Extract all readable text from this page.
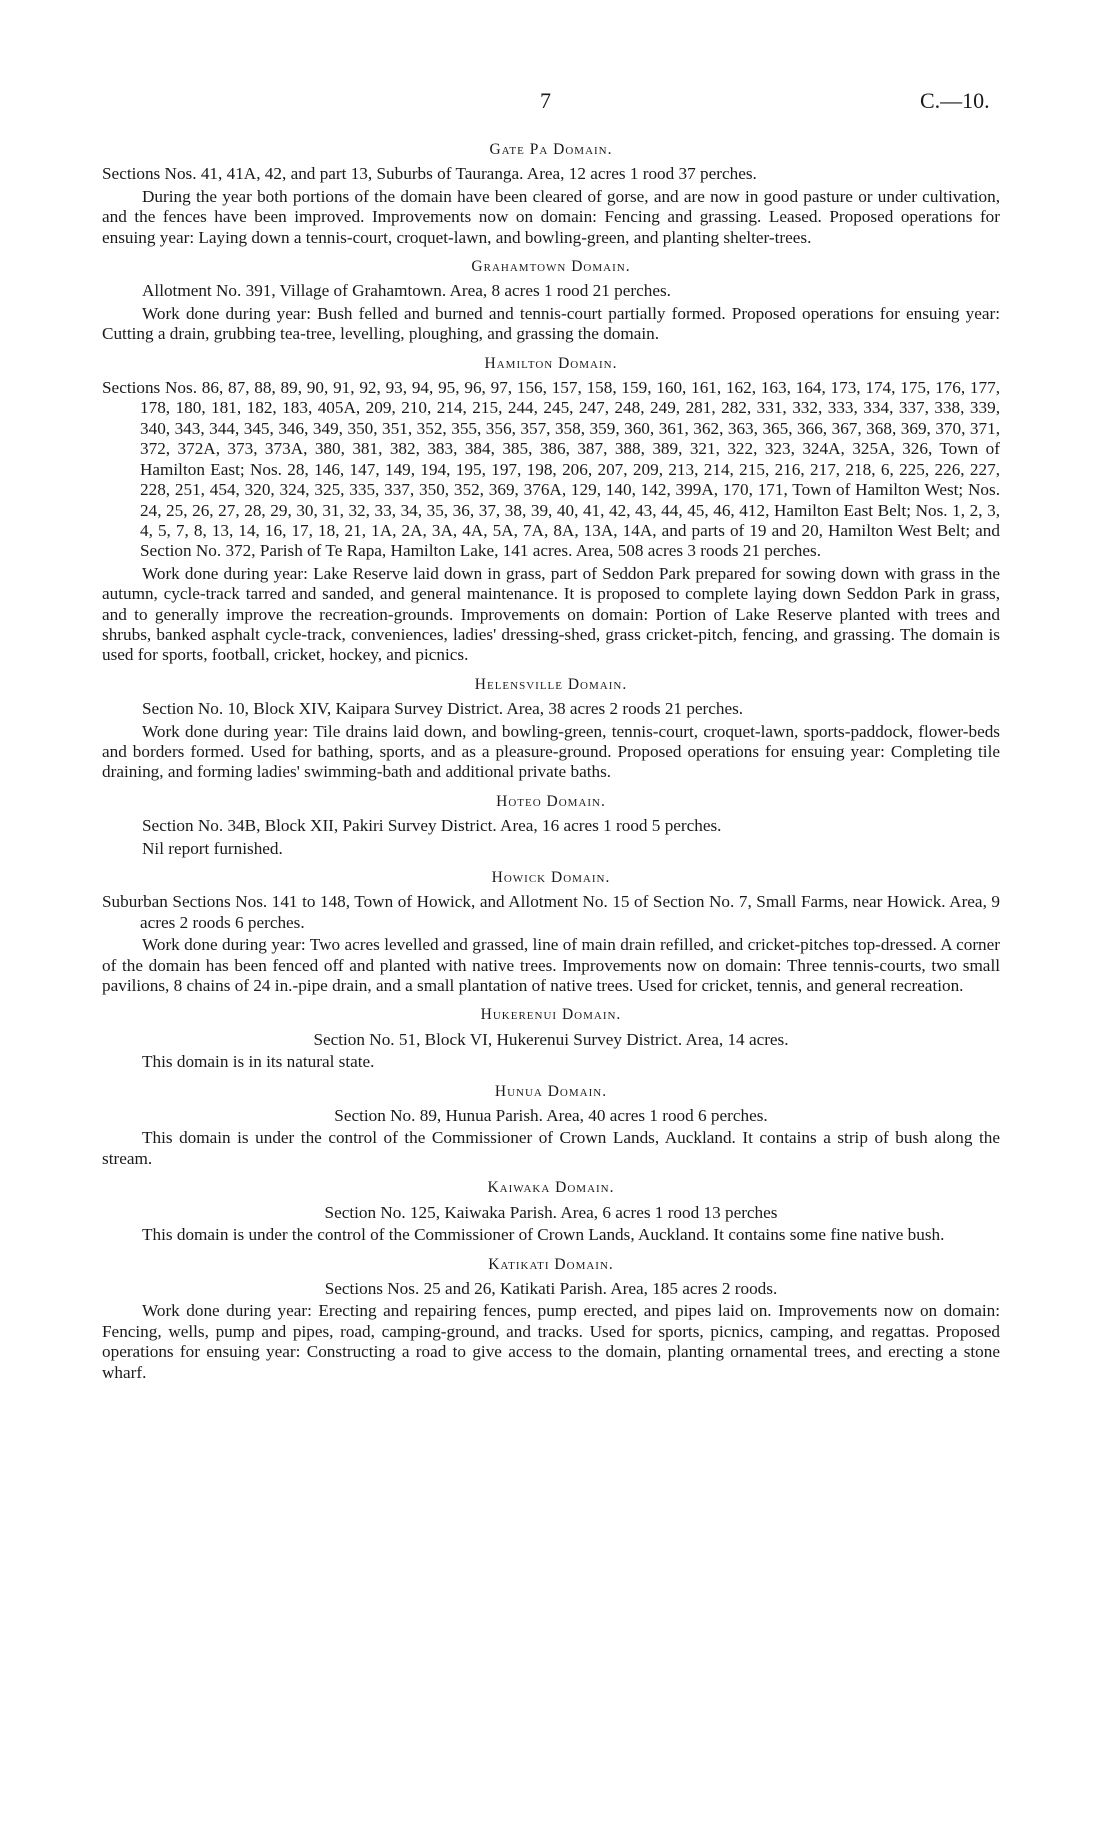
7	C.—10.
Gate Pa Domain.

Sections Nos. 41, 41A, 42, and part 13, Suburbs of Tauranga. Area, 12 acres 1 rood 37 perches.

During the year both portions of the domain have been cleared of gorse, and are now in good pasture or under cultivation, and the fences have been improved. Improvements now on domain: Fencing and grassing. Leased. Proposed operations for ensuing year: Laying down a tennis-court, croquet-lawn, and bowling-green, and planting shelter-trees.

Grahamtown Domain.

Allotment No. 391, Village of Grahamtown. Area, 8 acres 1 rood 21 perches.

Work done during year: Bush felled and burned and tennis-court partially formed. Proposed operations for ensuing year: Cutting a drain, grubbing tea-tree, levelling, ploughing, and grassing the domain.

Hamilton Domain.

Sections Nos. 86, 87, 88, 89, 90, 91, 92, 93, 94, 95, 96, 97, 156, 157, 158, 159, 160, 161, 162, 163, 164, 173, 174, 175, 176, 177, 178, 180, 181, 182, 183, 405A, 209, 210, 214, 215, 244, 245, 247, 248, 249, 281, 282, 331, 332, 333, 334, 337, 338, 339, 340, 343, 344, 345, 346, 349, 350, 351, 352, 355, 356, 357, 358, 359, 360, 361, 362, 363, 365, 366, 367, 368, 369, 370, 371, 372, 372A, 373, 373A, 380, 381, 382, 383, 384, 385, 386, 387, 388, 389, 321, 322, 323, 324A, 325A, 326, Town of Hamilton East; Nos. 28, 146, 147, 149, 194, 195, 197, 198, 206, 207, 209, 213, 214, 215, 216, 217, 218, 6, 225, 226, 227, 228, 251, 454, 320, 324, 325, 335, 337, 350, 352, 369, 376A, 129, 140, 142, 399A, 170, 171, Town of Hamilton West; Nos. 24, 25, 26, 27, 28, 29, 30, 31, 32, 33, 34, 35, 36, 37, 38, 39, 40, 41, 42, 43, 44, 45, 46, 412, Hamilton East Belt; Nos. 1, 2, 3, 4, 5, 7, 8, 13, 14, 16, 17, 18, 21, 1A, 2A, 3A, 4A, 5A, 7A, 8A, 13A, 14A, and parts of 19 and 20, Hamilton West Belt; and Section No. 372, Parish of Te Rapa, Hamilton Lake, 141 acres. Area, 508 acres 3 roods 21 perches.

Work done during year: Lake Reserve laid down in grass, part of Seddon Park prepared for sowing down with grass in the autumn, cycle-track tarred and sanded, and general maintenance. It is proposed to complete laying down Seddon Park in grass, and to generally improve the recreation-grounds. Improvements on domain: Portion of Lake Reserve planted with trees and shrubs, banked asphalt cycle-track, conveniences, ladies' dressing-shed, grass cricket-pitch, fencing, and grassing. The domain is used for sports, football, cricket, hockey, and picnics.

Helensville Domain.

Section No. 10, Block XIV, Kaipara Survey District. Area, 38 acres 2 roods 21 perches.

Work done during year: Tile drains laid down, and bowling-green, tennis-court, croquet-lawn, sports-paddock, flower-beds and borders formed. Used for bathing, sports, and as a pleasure-ground. Proposed operations for ensuing year: Completing tile draining, and forming ladies' swimming-bath and additional private baths.

Hoteo Domain.

Section No. 34B, Block XII, Pakiri Survey District. Area, 16 acres 1 rood 5 perches.

Nil report furnished.

Howick Domain.

Suburban Sections Nos. 141 to 148, Town of Howick, and Allotment No. 15 of Section No. 7, Small Farms, near Howick. Area, 9 acres 2 roods 6 perches.

Work done during year: Two acres levelled and grassed, line of main drain refilled, and cricket-pitches top-dressed. A corner of the domain has been fenced off and planted with native trees. Improvements now on domain: Three tennis-courts, two small pavilions, 8 chains of 24 in.-pipe drain, and a small plantation of native trees. Used for cricket, tennis, and general recreation.

Hukerenui Domain.

Section No. 51, Block VI, Hukerenui Survey District. Area, 14 acres.

This domain is in its natural state.

Hunua Domain.

Section No. 89, Hunua Parish. Area, 40 acres 1 rood 6 perches.

This domain is under the control of the Commissioner of Crown Lands, Auckland. It contains a strip of bush along the stream.

Kaiwaka Domain.

Section No. 125, Kaiwaka Parish. Area, 6 acres 1 rood 13 perches

This domain is under the control of the Commissioner of Crown Lands, Auckland. It contains some fine native bush.

Katikati Domain.

Sections Nos. 25 and 26, Katikati Parish. Area, 185 acres 2 roods.

Work done during year: Erecting and repairing fences, pump erected, and pipes laid on. Improvements now on domain: Fencing, wells, pump and pipes, road, camping-ground, and tracks. Used for sports, picnics, camping, and regattas. Proposed operations for ensuing year: Constructing a road to give access to the domain, planting ornamental trees, and erecting a stone wharf.
